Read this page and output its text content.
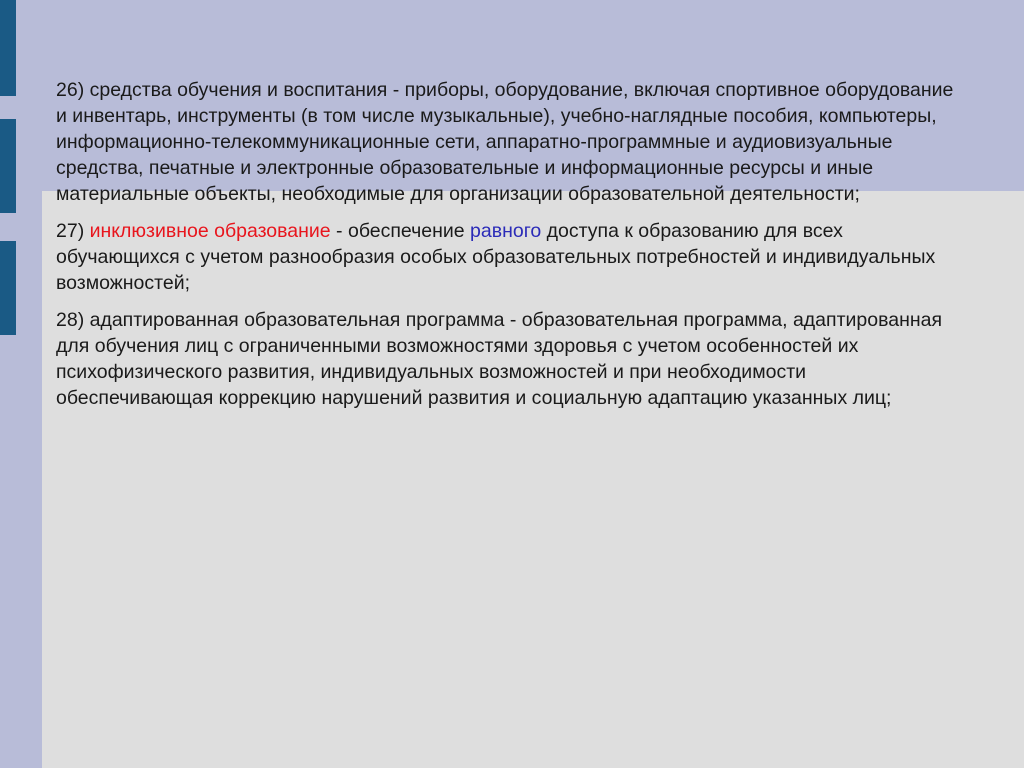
26) средства обучения и воспитания - приборы, оборудование, включая спортивное оборудование и инвентарь, инструменты (в том числе музыкальные), учебно-наглядные пособия, компьютеры, информационно-телекоммуникационные сети, аппаратно-программные и аудиовизуальные средства, печатные и электронные образовательные и информационные ресурсы и иные материальные объекты, необходимые для организации образовательной деятельности;

27) инклюзивное образование - обеспечение равного доступа к образованию для всех обучающихся с учетом разнообразия особых образовательных потребностей и индивидуальных возможностей;

28) адаптированная образовательная программа - образовательная программа, адаптированная для обучения лиц с ограниченными возможностями здоровья с учетом особенностей их психофизического развития, индивидуальных возможностей и при необходимости обеспечивающая коррекцию нарушений развития и социальную адаптацию указанных лиц;
